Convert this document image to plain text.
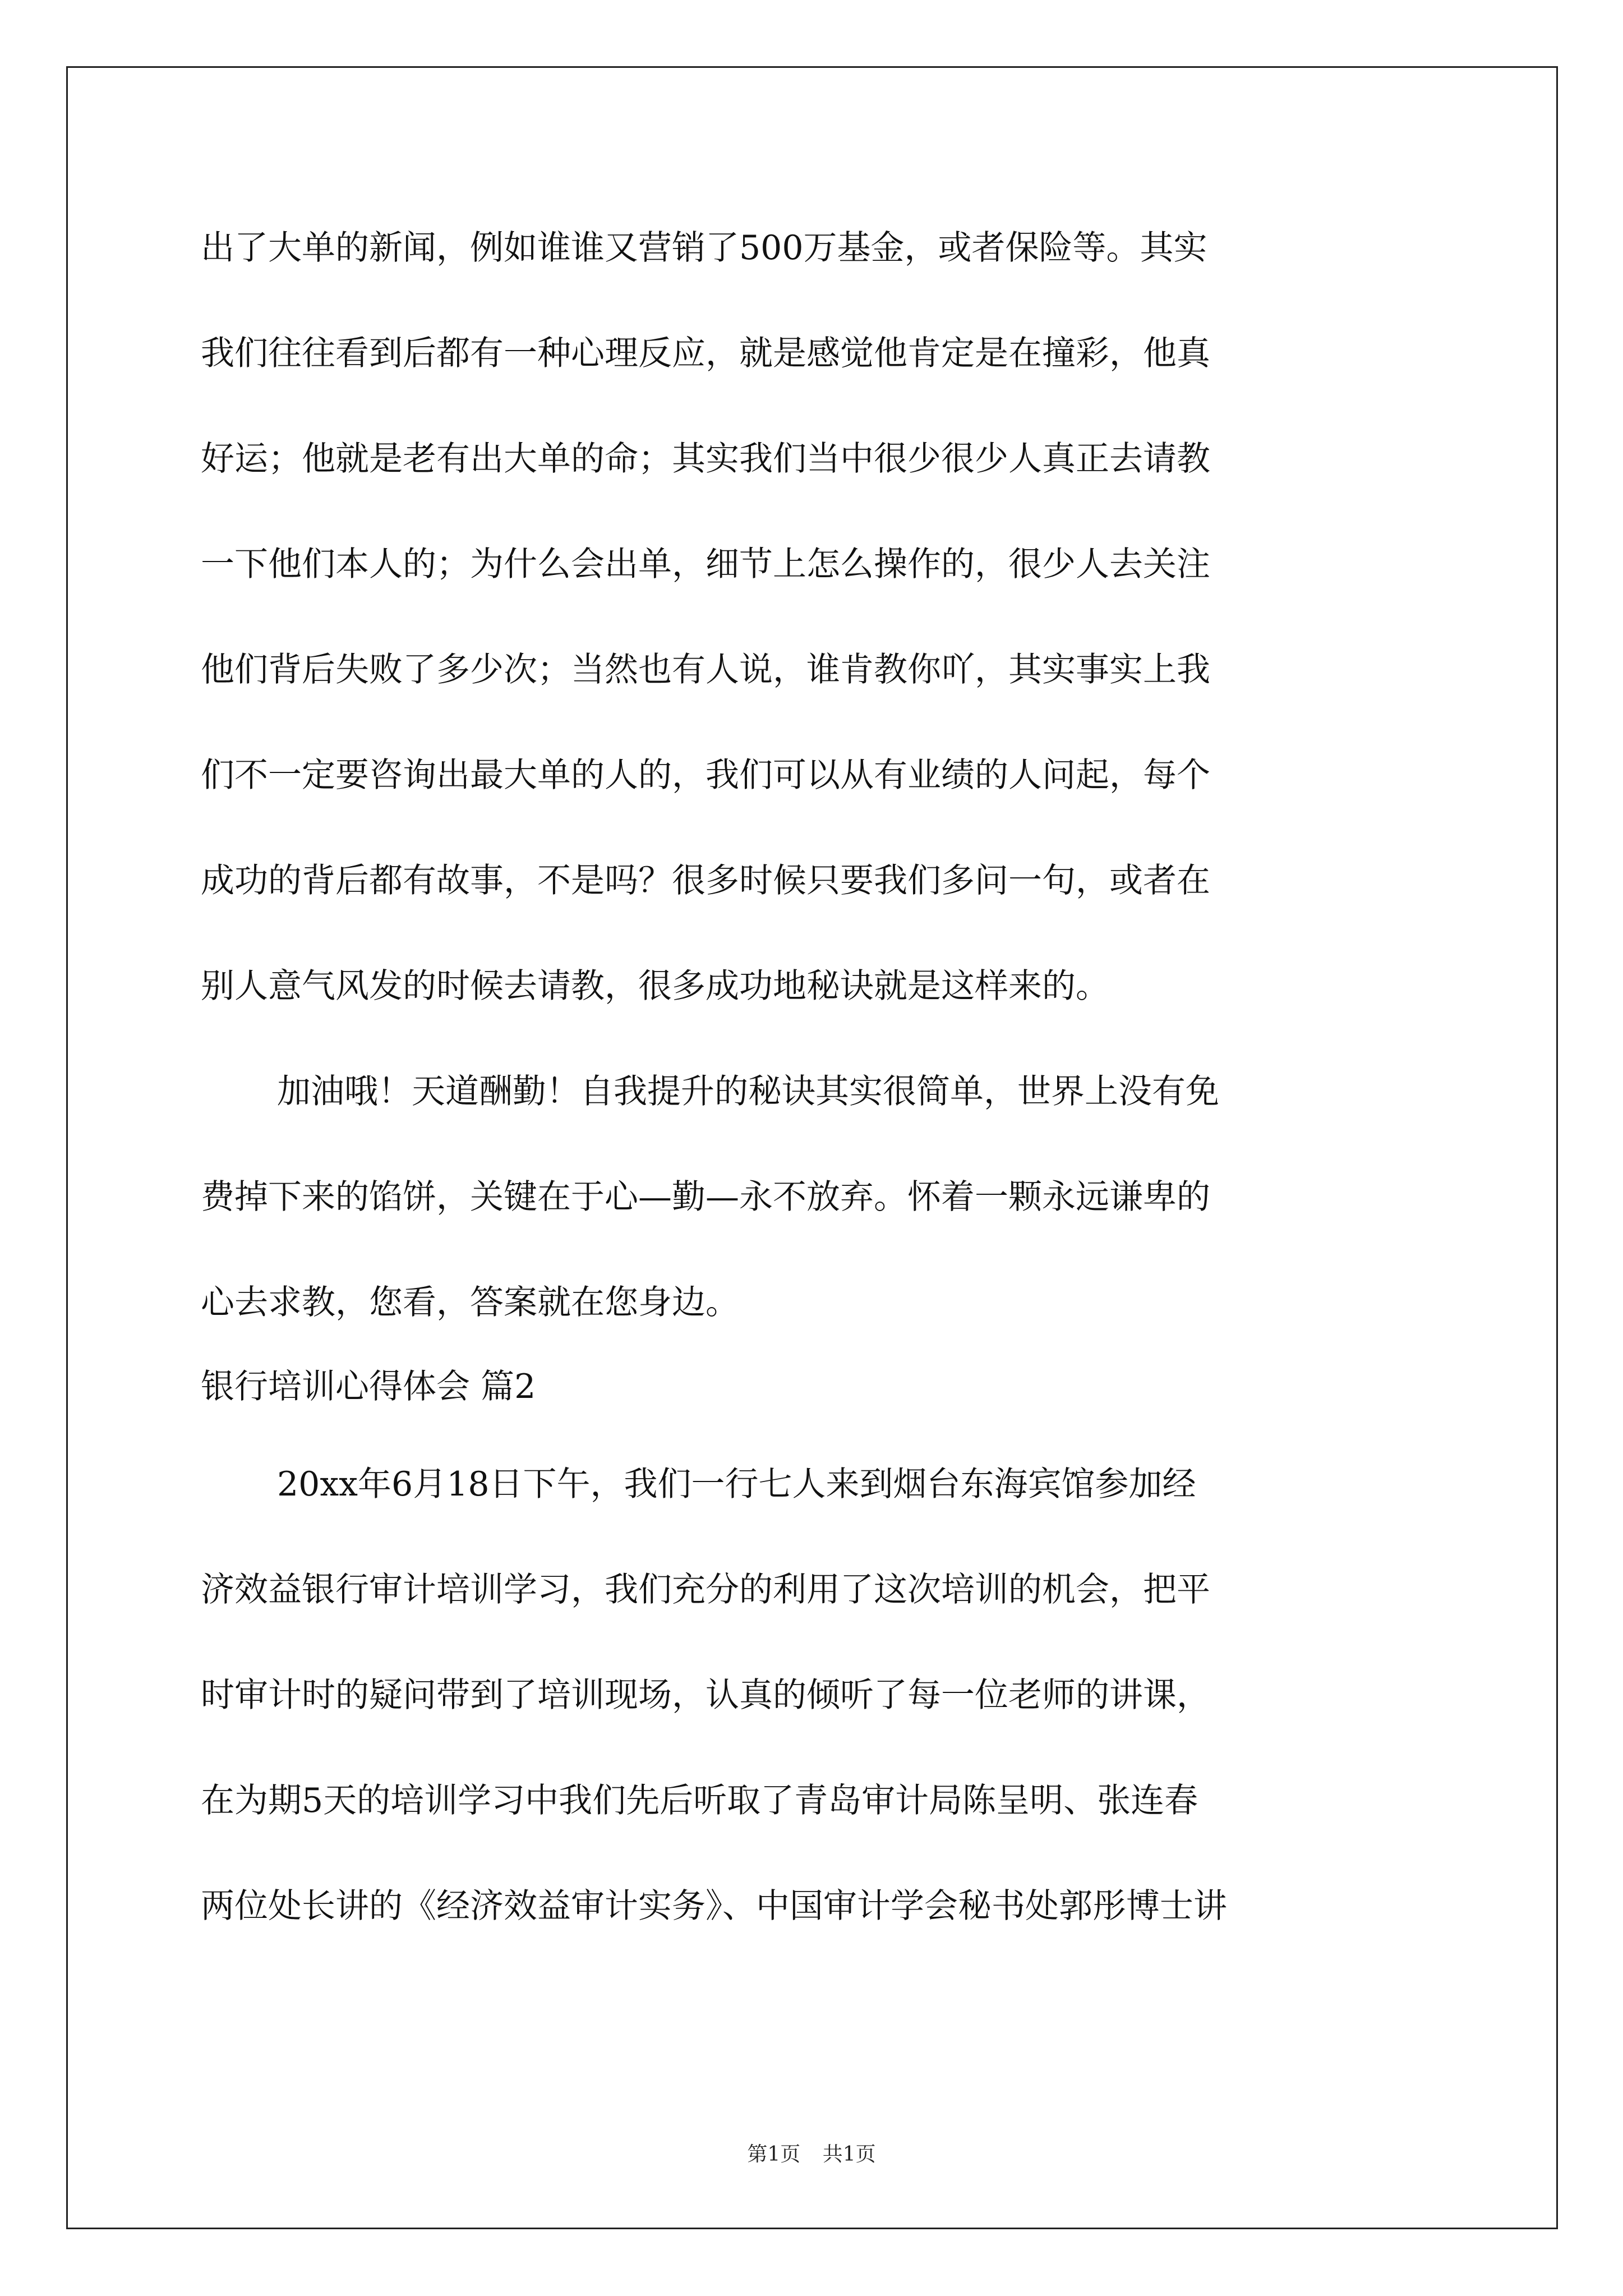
出了大单的新闻，例如谁谁又营销了500万基金，或者保险等。其实
我们往往看到后都有一种心理反应，就是感觉他肯定是在撞彩，他真
好运；他就是老有出大单的命；其实我们当中很少很少人真正去请教
一下他们本人的；为什么会出单，细节上怎么操作的，很少人去关注
他们背后失败了多少次；当然也有人说，谁肯教你吖，其实事实上我
们不一定要咨询出最大单的人的，我们可以从有业绩的人问起，每个
成功的背后都有故事，不是吗？很多时候只要我们多问一句，或者在
别人意气风发的时候去请教，很多成功地秘诀就是这样来的。
加油哦！天道酬勤！自我提升的秘诀其实很简单，世界上没有免
费掉下来的馅饼，关键在于心—勤—永不放弃。怀着一颗永远谦卑的
心去求教，您看，答案就在您身边。
银行培训心得体会 篇2
20xx年6月18日下午，我们一行七人来到烟台东海宾馆参加经
济效益银行审计培训学习，我们充分的利用了这次培训的机会，把平
时审计时的疑问带到了培训现场，认真的倾听了每一位老师的讲课，
在为期5天的培训学习中我们先后听取了青岛审计局陈呈明、张连春
两位处长讲的《经济效益审计实务》、中国审计学会秘书处郭彤博士讲
第1页 共1页
